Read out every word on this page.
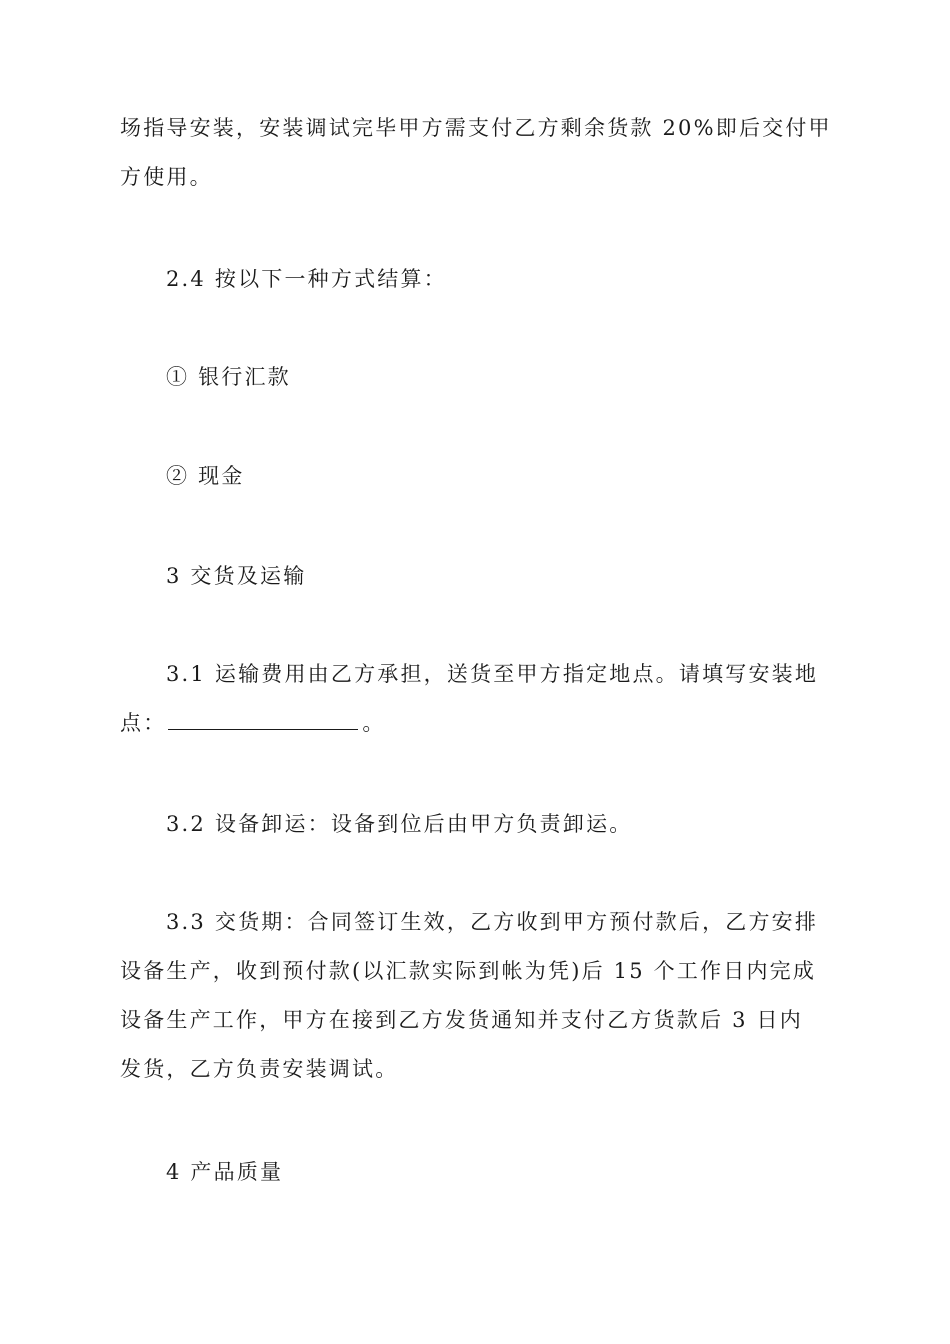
场指导安装，安装调试完毕甲方需支付乙方剩余货款 20%即后交付甲
方使用。
2.4 按以下一种方式结算：
① 银行汇款
② 现金
3 交货及运输
3.1 运输费用由乙方承担，送货至甲方指定地点。请填写安装地
点：	。
3.2 设备卸运：设备到位后由甲方负责卸运。
3.3 交货期：合同签订生效，乙方收到甲方预付款后，乙方安排
设备生产，收到预付款(以汇款实际到帐为凭)后 15 个工作日内完成
设备生产工作，甲方在接到乙方发货通知并支付乙方货款后 3 日内
发货，乙方负责安装调试。
4 产品质量
